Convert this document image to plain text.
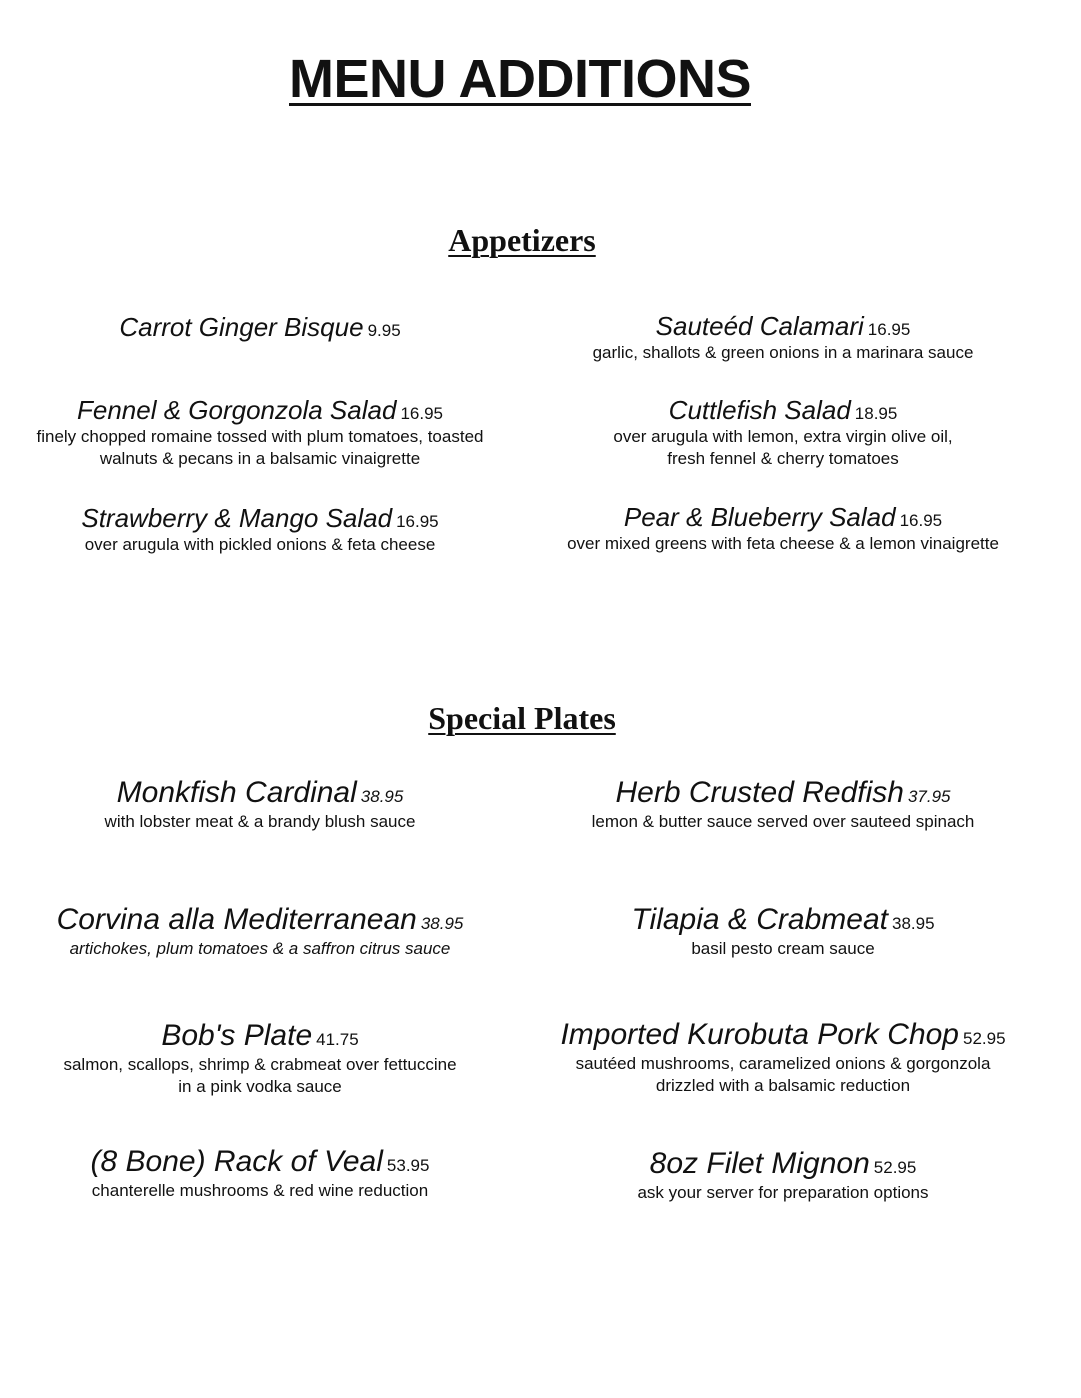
MENU ADDITIONS
Appetizers
Carrot Ginger Bisque 9.95
Fennel & Gorgonzola Salad 16.95
finely chopped romaine tossed with plum tomatoes, toasted
walnuts & pecans in a balsamic vinaigrette
Strawberry & Mango Salad 16.95
over arugula with pickled onions & feta cheese
Sauteéd Calamari 16.95
garlic, shallots & green onions in a marinara sauce
Cuttlefish Salad 18.95
over arugula with lemon, extra virgin olive oil,
fresh fennel & cherry tomatoes
Pear & Blueberry Salad 16.95
over mixed greens with feta cheese & a lemon vinaigrette
Special Plates
Monkfish Cardinal 38.95
with lobster meat & a brandy blush sauce
Corvina alla Mediterranean 38.95
artichokes, plum tomatoes & a saffron citrus sauce
Bob's Plate 41.75
salmon, scallops, shrimp & crabmeat over fettuccine
in a pink vodka sauce
(8 Bone) Rack of Veal 53.95
chanterelle mushrooms & red wine reduction
Herb Crusted Redfish 37.95
lemon & butter sauce served over sauteed spinach
Tilapia & Crabmeat 38.95
basil pesto cream sauce
Imported Kurobuta Pork Chop 52.95
sautéed mushrooms, caramelized onions & gorgonzola
drizzled with a balsamic reduction
8oz Filet Mignon 52.95
ask your server for preparation options
